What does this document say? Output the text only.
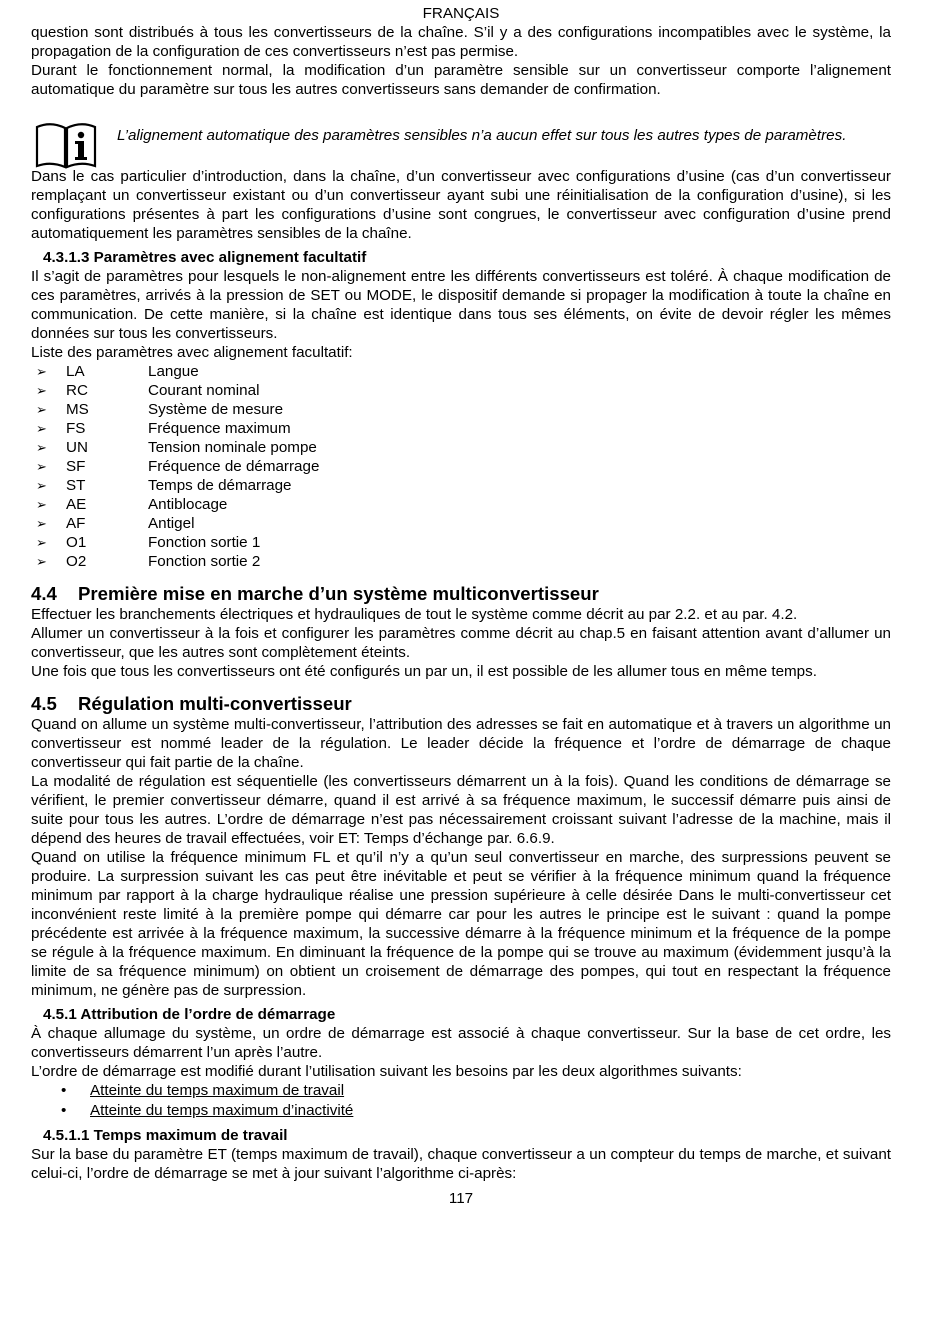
FRANÇAIS

question sont distribués à tous les convertisseurs de la chaîne. S’il y a des configurations incompatibles avec le système, la propagation de la configuration de ces convertisseurs n’est pas permise.

Durant le fonctionnement normal, la modification d’un paramètre sensible sur un convertisseur comporte l’alignement automatique du paramètre sur tous les autres convertisseurs sans demander de confirmation.

L’alignement automatique des paramètres sensibles n’a aucun effet sur tous les autres types de paramètres.

Dans le cas particulier d’introduction, dans la chaîne, d’un convertisseur avec configurations d’usine (cas d’un convertisseur remplaçant un convertisseur existant ou d’un convertisseur ayant subi une réinitialisation de la configuration d’usine), si les configurations présentes à part les configurations d’usine sont congrues, le convertisseur avec configuration d’usine prend automatiquement les paramètres sensibles de la chaîne.

4.3.1.3 Paramètres avec alignement facultatif

Il s’agit de paramètres pour lesquels le non-alignement entre les différents convertisseurs est toléré. À chaque modification de ces paramètres, arrivés à la pression de SET ou MODE, le dispositif demande si propager la modification à toute la chaîne en communication. De cette manière, si la chaîne est identique dans tous ses éléments, on évite de devoir régler les mêmes données sur tous les convertisseurs.

Liste des paramètres avec alignement facultatif:

➢ LA	Langue
➢ RC	Courant nominal
➢ MS	Système de mesure
➢ FS	Fréquence maximum
➢ UN	Tension nominale pompe
➢ SF	Fréquence de démarrage
➢ ST	Temps de démarrage
➢ AE	Antiblocage
➢ AF	Antigel
➢ O1	Fonction sortie 1
➢ O2	Fonction sortie 2
4.4 Première mise en marche d’un système multiconvertisseur

Effectuer les branchements électriques et hydrauliques de tout le système comme décrit au par 2.2. et au par. 4.2.

Allumer un convertisseur à la fois et configurer les paramètres comme décrit au chap.5 en faisant attention avant d’allumer un convertisseur, que les autres sont complètement éteints.

Une fois que tous les convertisseurs ont été configurés un par un, il est possible de les allumer tous en même temps.

4.5 Régulation multi-convertisseur

Quand on allume un système multi-convertisseur, l’attribution des adresses se fait en automatique et à travers un algorithme un convertisseur est nommé leader de la régulation. Le leader décide la fréquence et l’ordre de démarrage de chaque convertisseur qui fait partie de la chaîne.

La modalité de régulation est séquentielle (les convertisseurs démarrent un à la fois). Quand les conditions de démarrage se vérifient, le premier convertisseur démarre, quand il est arrivé à sa fréquence maximum, le successif démarre puis ainsi de suite pour tous les autres. L’ordre de démarrage n’est pas nécessairement croissant suivant l’adresse de la machine, mais il dépend des heures de travail effectuées, voir ET: Temps d’échange par. 6.6.9.

Quand on utilise la fréquence minimum FL et qu’il n’y a qu’un seul convertisseur en marche, des surpressions peuvent se produire. La surpression suivant les cas peut être inévitable et peut se vérifier à la fréquence minimum quand la fréquence minimum par rapport à la charge hydraulique réalise une pression supérieure à celle désirée Dans le multi-convertisseur cet inconvénient reste limité à la première pompe qui démarre car pour les autres le principe est le suivant : quand la pompe précédente est arrivée à la fréquence maximum, la successive démarre à la fréquence minimum et la fréquence de la pompe se régule à la fréquence maximum. En diminuant la fréquence de la pompe qui se trouve au maximum (évidemment jusqu’à la limite de sa fréquence minimum) on obtient un croisement de démarrage des pompes, qui tout en respectant la fréquence minimum, ne génère pas de surpression.

4.5.1 Attribution de l’ordre de démarrage

À chaque allumage du système, un ordre de démarrage est associé à chaque convertisseur. Sur la base de cet ordre, les convertisseurs démarrent l’un après l’autre.

L’ordre de démarrage est modifié durant l’utilisation suivant les besoins par les deux algorithmes suivants:

• Atteinte du temps maximum de travail
• Atteinte du temps maximum d’inactivité
4.5.1.1 Temps maximum de travail

Sur la base du paramètre ET (temps maximum de travail), chaque convertisseur a un compteur du temps de marche, et suivant celui-ci, l’ordre de démarrage se met à jour suivant l’algorithme ci-après:

117
